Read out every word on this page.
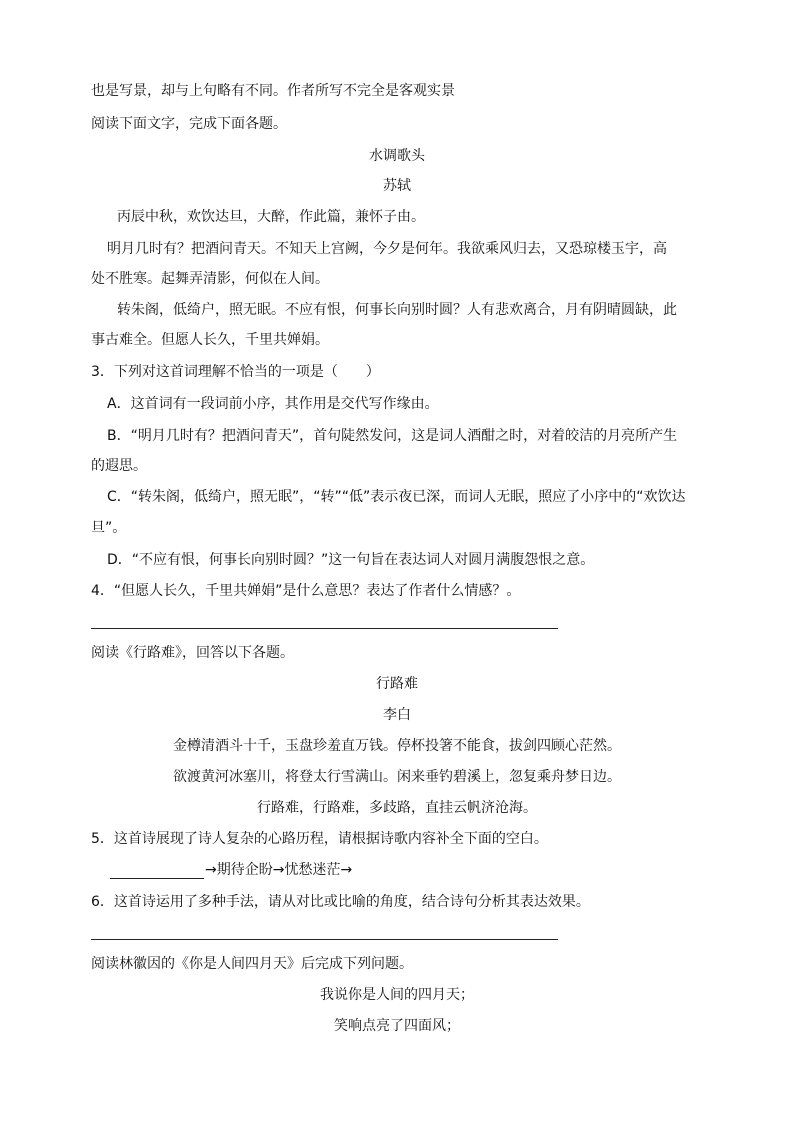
也是写景，却与上句略有不同。作者所写不完全是客观实景
阅读下面文字，完成下面各题。
水调歌头
苏轼
丙辰中秋，欢饮达旦，大醉，作此篇，兼怀子由。
明月几时有？把酒问青天。不知天上宫阙，今夕是何年。我欲乘风归去，又恐琼楼玉宇，高
处不胜寒。起舞弄清影，何似在人间。
转朱阁，低绮户，照无眠。不应有恨，何事长向别时圆？人有悲欢离合，月有阴晴圆缺，此
事古难全。但愿人长久，千里共婵娟。
3．下列对这首词理解不恰当的一项是（　　）
A．这首词有一段词前小序，其作用是交代写作缘由。
B．“明月几时有？把酒问青天”，首句陡然发问，这是词人酒酣之时，对着皎洁的月亮所产生
的遐思。
C．“转朱阁，低绮户，照无眠”，“转”“低”表示夜已深，而词人无眠，照应了小序中的“欢饮达
旦”。
D．“不应有恨，何事长向别时圆？”这一句旨在表达词人对圆月满腹怨恨之意。
4．“但愿人长久，千里共婵娟”是什么意思？表达了作者什么情感？。
阅读《行路难》，回答以下各题。
行路难
李白
金樽清酒斗十千，玉盘珍羞直万钱。停杯投箸不能食，拔剑四顾心茫然。
欲渡黄河冰塞川，将登太行雪满山。闲来垂钓碧溪上，忽复乘舟梦日边。
行路难，行路难，多歧路，直挂云帆济沧海。
5．这首诗展现了诗人复杂的心路历程，请根据诗歌内容补全下面的空白。
→期待企盼→忧愁迷茫→
6．这首诗运用了多种手法，请从对比或比喻的角度，结合诗句分析其表达效果。
阅读林徽因的《你是人间四月天》后完成下列问题。
我说你是人间的四月天；
笑响点亮了四面风；
